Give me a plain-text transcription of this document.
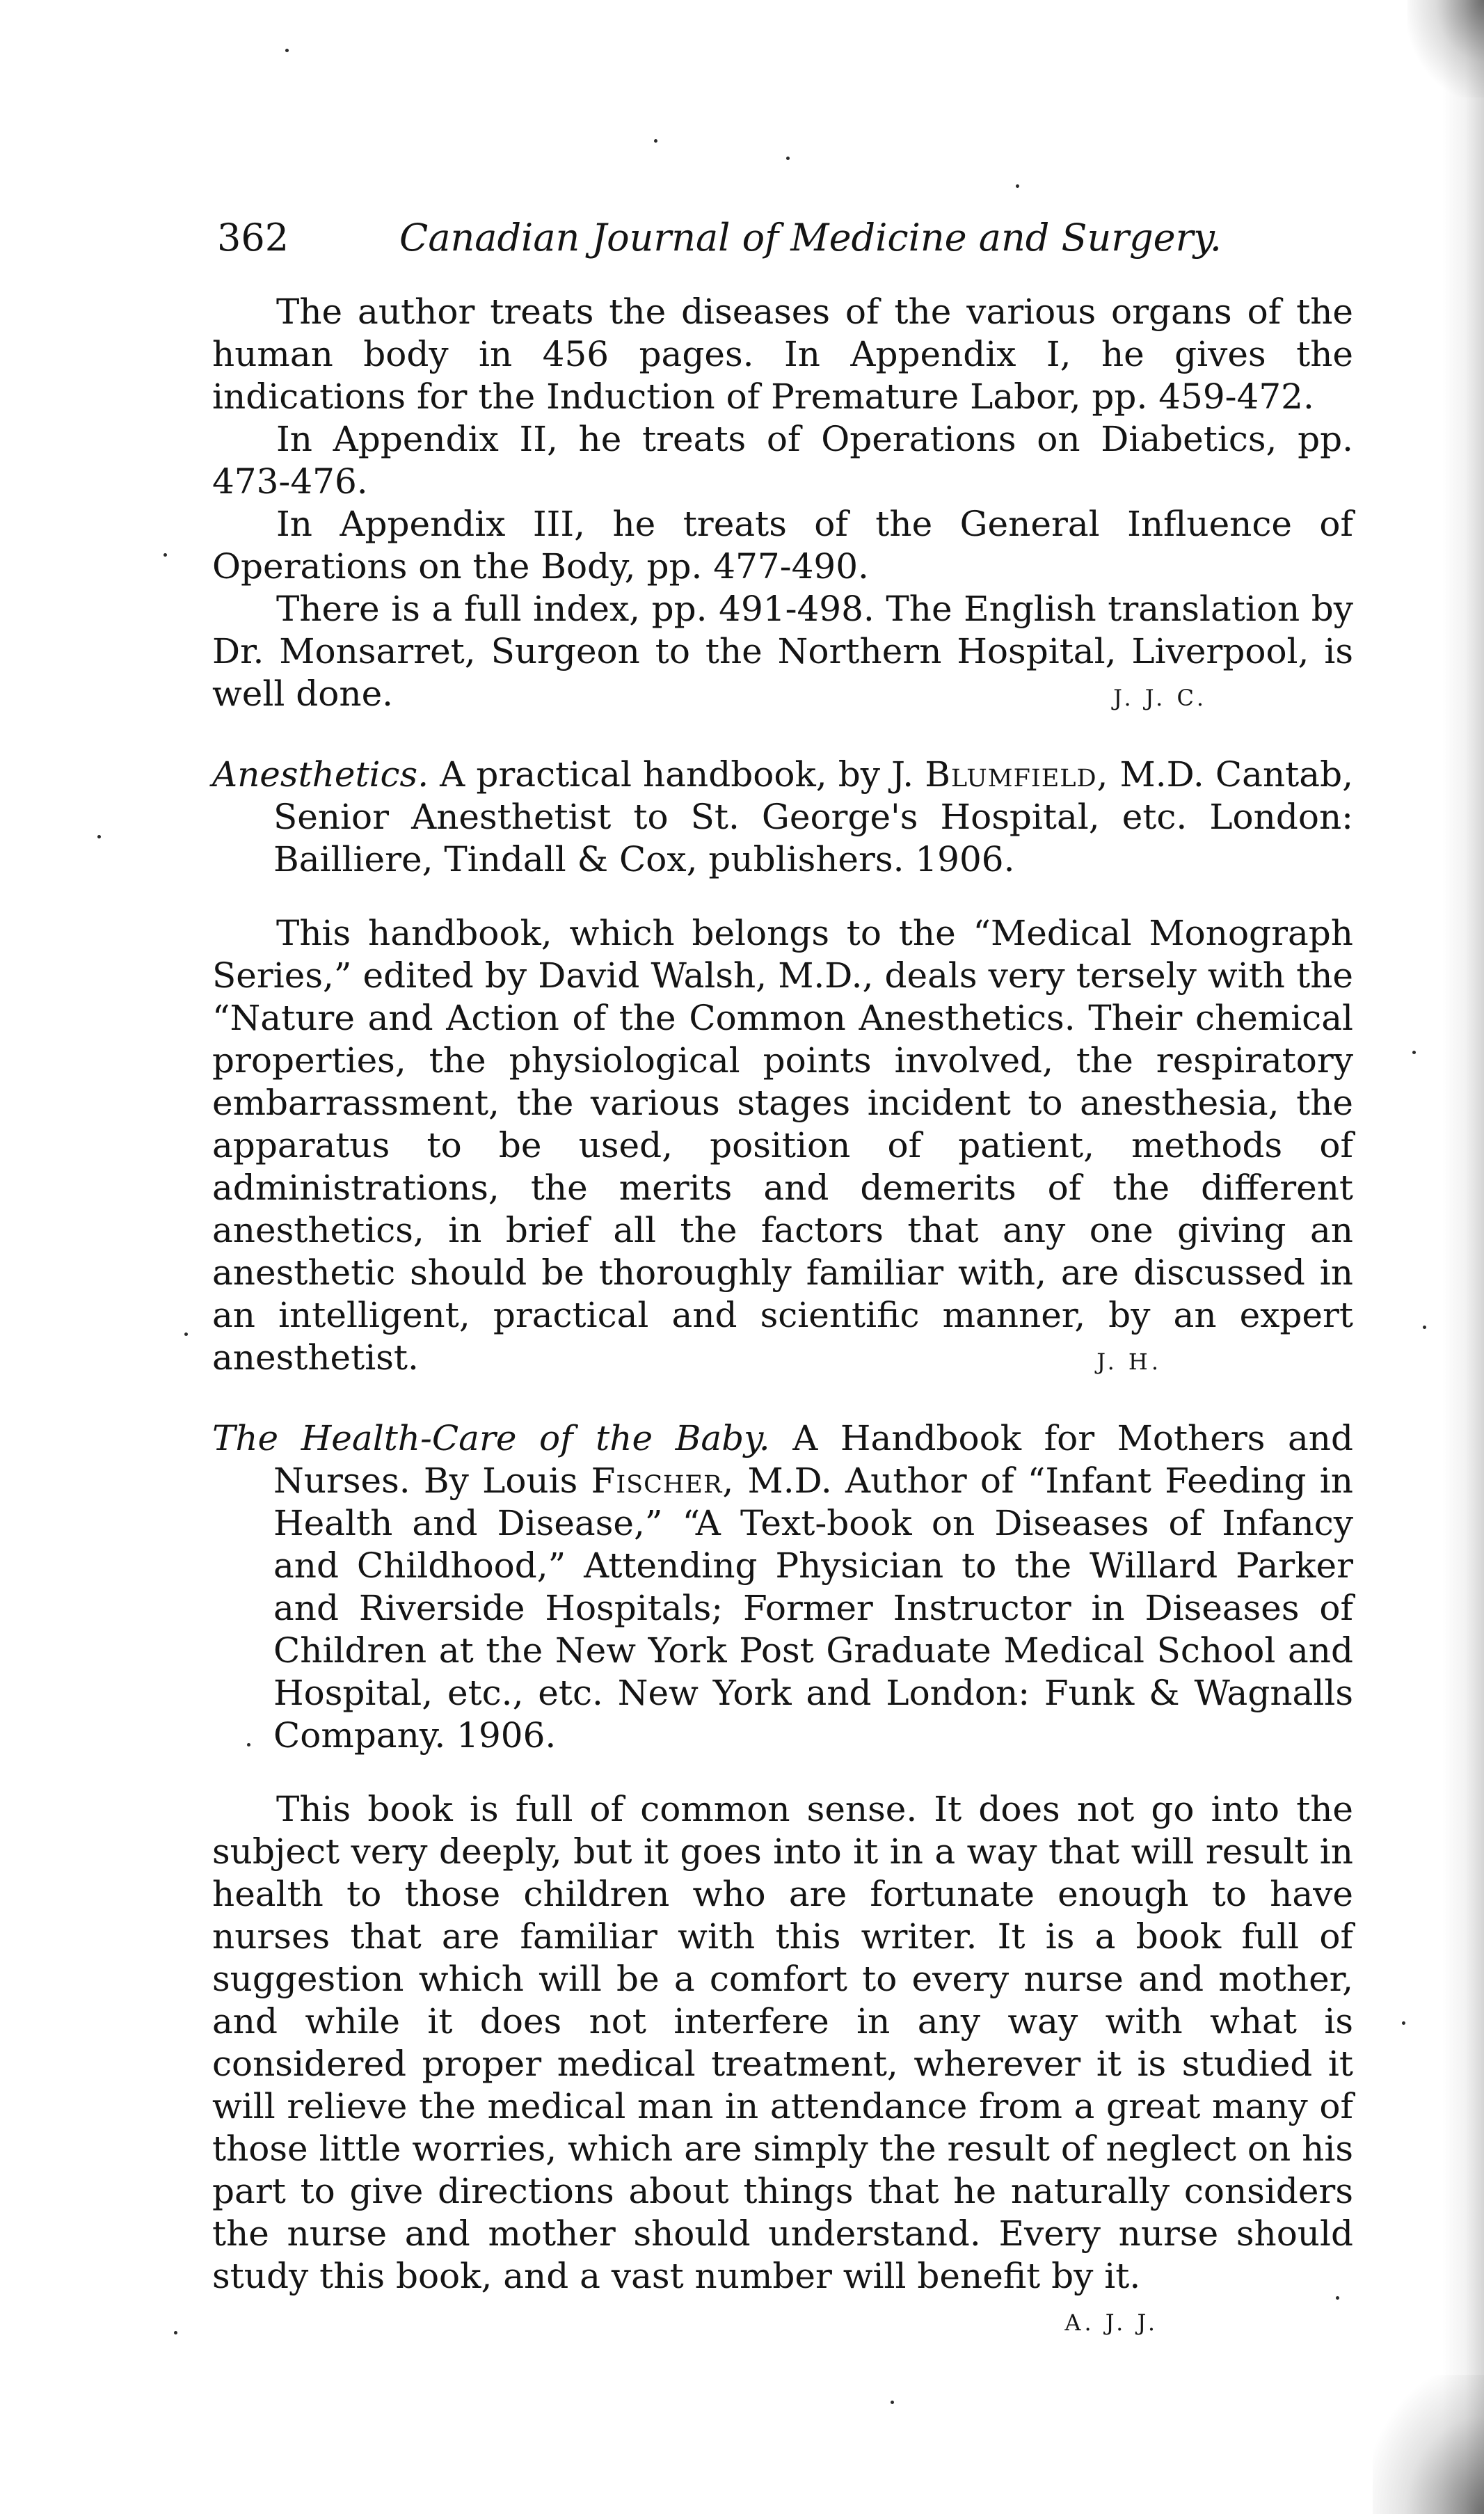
362	Canadian Journal of Medicine and Surgery.

The author treats the diseases of the various organs of the human body in 456 pages. In Appendix I, he gives the indications for the Induction of Premature Labor, pp. 459-472.

In Appendix II, he treats of Operations on Diabetics, pp. 473-476.

In Appendix III, he treats of the General Influence of Operations on the Body, pp. 477-490.

There is a full index, pp. 491-498. The English translation by Dr. Monsarret, Surgeon to the Northern Hospital, Liverpool, is well done.	J. J. C.

Anesthetics. A practical handbook, by J. Blumfield, M.D. Cantab, Senior Anesthetist to St. George's Hospital, etc. London: Bailliere, Tindall & Cox, publishers. 1906.

This handbook, which belongs to the “Medical Monograph Series,” edited by David Walsh, M.D., deals very tersely with the “Nature and Action of the Common Anesthetics. Their chemical properties, the physiological points involved, the respiratory embarrassment, the various stages incident to anesthesia, the apparatus to be used, position of patient, methods of administrations, the merits and demerits of the different anesthetics, in brief all the factors that any one giving an anesthetic should be thoroughly familiar with, are discussed in an intelligent, practical and scientific manner, by an expert anesthetist.	J. H.

The Health-Care of the Baby. A Handbook for Mothers and Nurses. By Louis Fischer, M.D. Author of “Infant Feeding in Health and Disease,” “A Text-book on Diseases of Infancy and Childhood,” Attending Physician to the Willard Parker and Riverside Hospitals; Former Instructor in Diseases of Children at the New York Post Graduate Medical School and Hospital, etc., etc. New York and London: Funk & Wagnalls Company. 1906.

This book is full of common sense. It does not go into the subject very deeply, but it goes into it in a way that will result in health to those children who are fortunate enough to have nurses that are familiar with this writer. It is a book full of suggestion which will be a comfort to every nurse and mother, and while it does not interfere in any way with what is considered proper medical treatment, wherever it is studied it will relieve the medical man in attendance from a great many of those little worries, which are simply the result of neglect on his part to give directions about things that he naturally considers the nurse and mother should understand. Every nurse should study this book, and a vast number will benefit by it.
A. J. J.
